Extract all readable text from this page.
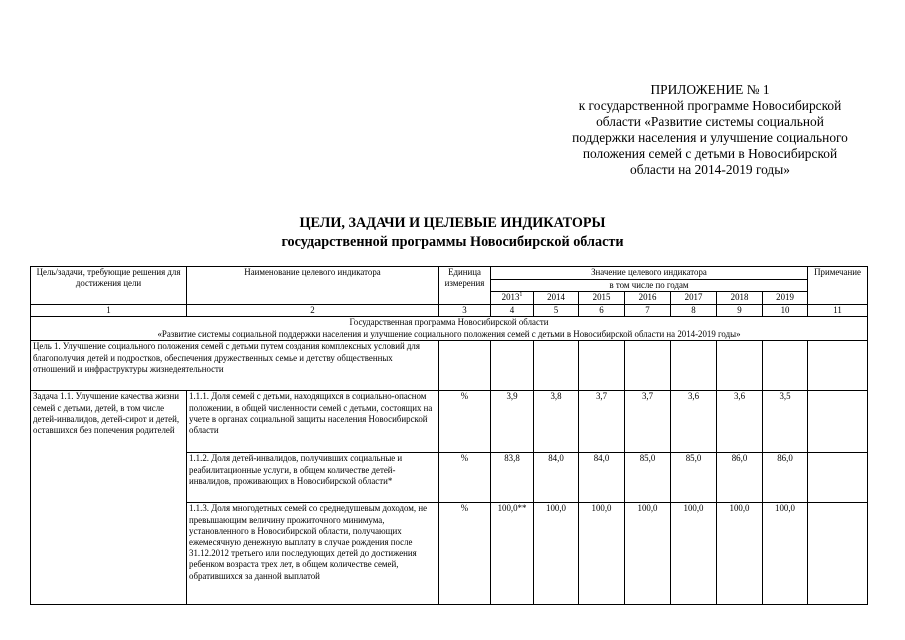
ПРИЛОЖЕНИЕ № 1
к государственной программе Новосибирской
области «Развитие системы социальной
поддержки населения и улучшение социального
положения семей с детьми в Новосибирской
области на 2014-2019 годы»
ЦЕЛИ, ЗАДАЧИ И ЦЕЛЕВЫЕ ИНДИКАТОРЫ
государственной программы Новосибирской области
Цель/задачи, требующие решения для достижения цели	Наименование целевого индикатора	Единица измерения	Значение целевого индикатора							Примечание
			в том числе по годам							
			2013$^1$	2014	2015	2016	2017	2018	2019	
1	2	3	4	5	6	7	8	9	10	11

Государственная программа Новосибирской области
«Развитие системы социальной поддержки населения и улучшение социального положения семей с детьми в Новосибирской области на 2014-2019 годы»										

Цель 1. Улучшение социального положения семей с детьми путем создания комплексных условий для благополучия детей и подростков, обеспечения дружественных семье и детству общественных отношений и инфраструктуры жизнедеятельности										

Задача 1.1. Улучшение качества жизни семей с детьми, детей, в том числе детей-инвалидов, детей-сирот и детей, оставшихся без попечения родителей	1.1.1. Доля семей с детьми, находящихся в социально-опасном положении, в общей численности семей с детьми, состоящих на учете в органах социальной защиты населения Новосибирской области	%	3,9	3,8	3,7	3,7	3,6	3,6	3,5	
	1.1.2. Доля детей-инвалидов, получивших социальные и реабилитационные услуги, в общем количестве детей-инвалидов, проживающих в Новосибирской области*	%	83,8	84,0	84,0	85,0	85,0	86,0	86,0	
	1.1.3. Доля многодетных семей со среднедушевым доходом, не превышающим величину прожиточного минимума, установленного в Новосибирской области, получающих ежемесячную денежную выплату в случае рождения после 31.12.2012 третьего или последующих детей до достижения ребенком возраста трех лет, в общем количестве семей, обратившихся за данной выплатой	%	100,0**	100,0	100,0	100,0	100,0	100,0	100,0	
